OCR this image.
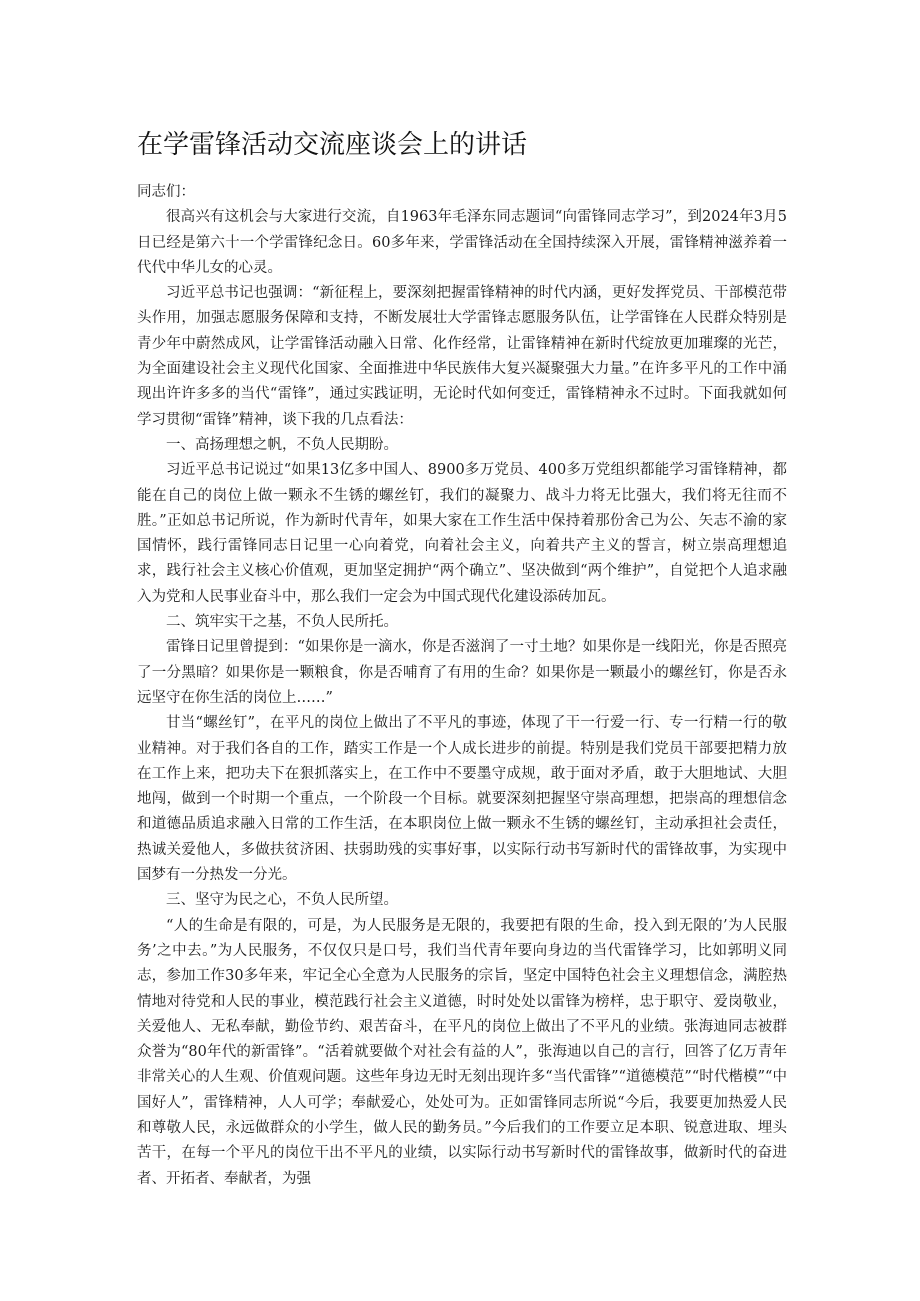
在学雷锋活动交流座谈会上的讲话

同志们：

很高兴有这机会与大家进行交流，自1963年毛泽东同志题词“向雷锋同志学习”，到2024年3月5日已经是第六十一个学雷锋纪念日。60多年来，学雷锋活动在全国持续深入开展，雷锋精神滋养着一代代中华儿女的心灵。

习近平总书记也强调：“新征程上，要深刻把握雷锋精神的时代内涵，更好发挥党员、干部模范带头作用，加强志愿服务保障和支持，不断发展壮大学雷锋志愿服务队伍，让学雷锋在人民群众特别是青少年中蔚然成风，让学雷锋活动融入日常、化作经常，让雷锋精神在新时代绽放更加璀璨的光芒，为全面建设社会主义现代化国家、全面推进中华民族伟大复兴凝聚强大力量。”在许多平凡的工作中涌现出许许多多的当代“雷锋”，通过实践证明，无论时代如何变迁，雷锋精神永不过时。下面我就如何学习贯彻“雷锋”精神，谈下我的几点看法：

一、高扬理想之帆，不负人民期盼。

习近平总书记说过“如果13亿多中国人、8900多万党员、400多万党组织都能学习雷锋精神，都能在自己的岗位上做一颗永不生锈的螺丝钉，我们的凝聚力、战斗力将无比强大，我们将无往而不胜。”正如总书记所说，作为新时代青年，如果大家在工作生活中保持着那份舍己为公、矢志不渝的家国情怀，践行雷锋同志日记里一心向着党，向着社会主义，向着共产主义的誓言，树立崇高理想追求，践行社会主义核心价值观，更加坚定拥护“两个确立”、坚决做到“两个维护”，自觉把个人追求融入为党和人民事业奋斗中，那么我们一定会为中国式现代化建设添砖加瓦。

二、筑牢实干之基，不负人民所托。

雷锋日记里曾提到：“如果你是一滴水，你是否滋润了一寸土地？如果你是一线阳光，你是否照亮了一分黑暗？如果你是一颗粮食，你是否哺育了有用的生命？如果你是一颗最小的螺丝钉，你是否永远坚守在你生活的岗位上……”

甘当“螺丝钉”，在平凡的岗位上做出了不平凡的事迹，体现了干一行爱一行、专一行精一行的敬业精神。对于我们各自的工作，踏实工作是一个人成长进步的前提。特别是我们党员干部要把精力放在工作上来，把功夫下在狠抓落实上，在工作中不要墨守成规，敢于面对矛盾，敢于大胆地试、大胆地闯，做到一个时期一个重点，一个阶段一个目标。就要深刻把握坚守崇高理想，把崇高的理想信念和道德品质追求融入日常的工作生活，在本职岗位上做一颗永不生锈的螺丝钉，主动承担社会责任，热诚关爱他人，多做扶贫济困、扶弱助残的实事好事，以实际行动书写新时代的雷锋故事，为实现中国梦有一分热发一分光。

三、坚守为民之心，不负人民所望。

“人的生命是有限的，可是，为人民服务是无限的，我要把有限的生命，投入到无限的’为人民服务’之中去。”为人民服务，不仅仅只是口号，我们当代青年要向身边的当代雷锋学习，比如郭明义同志，参加工作30多年来，牢记全心全意为人民服务的宗旨，坚定中国特色社会主义理想信念，满腔热情地对待党和人民的事业，模范践行社会主义道德，时时处处以雷锋为榜样，忠于职守、爱岗敬业，关爱他人、无私奉献，勤俭节约、艰苦奋斗，在平凡的岗位上做出了不平凡的业绩。张海迪同志被群众誉为“80年代的新雷锋”。“活着就要做个对社会有益的人”，张海迪以自己的言行，回答了亿万青年非常关心的人生观、价值观问题。这些年身边无时无刻出现许多“当代雷锋”“道德模范”“时代楷模”“中国好人”，雷锋精神，人人可学；奉献爱心，处处可为。正如雷锋同志所说“今后，我要更加热爱人民和尊敬人民，永远做群众的小学生，做人民的勤务员。”今后我们的工作要立足本职、锐意进取、埋头苦干，在每一个平凡的岗位干出不平凡的业绩，以实际行动书写新时代的雷锋故事，做新时代的奋进者、开拓者、奉献者，为强
